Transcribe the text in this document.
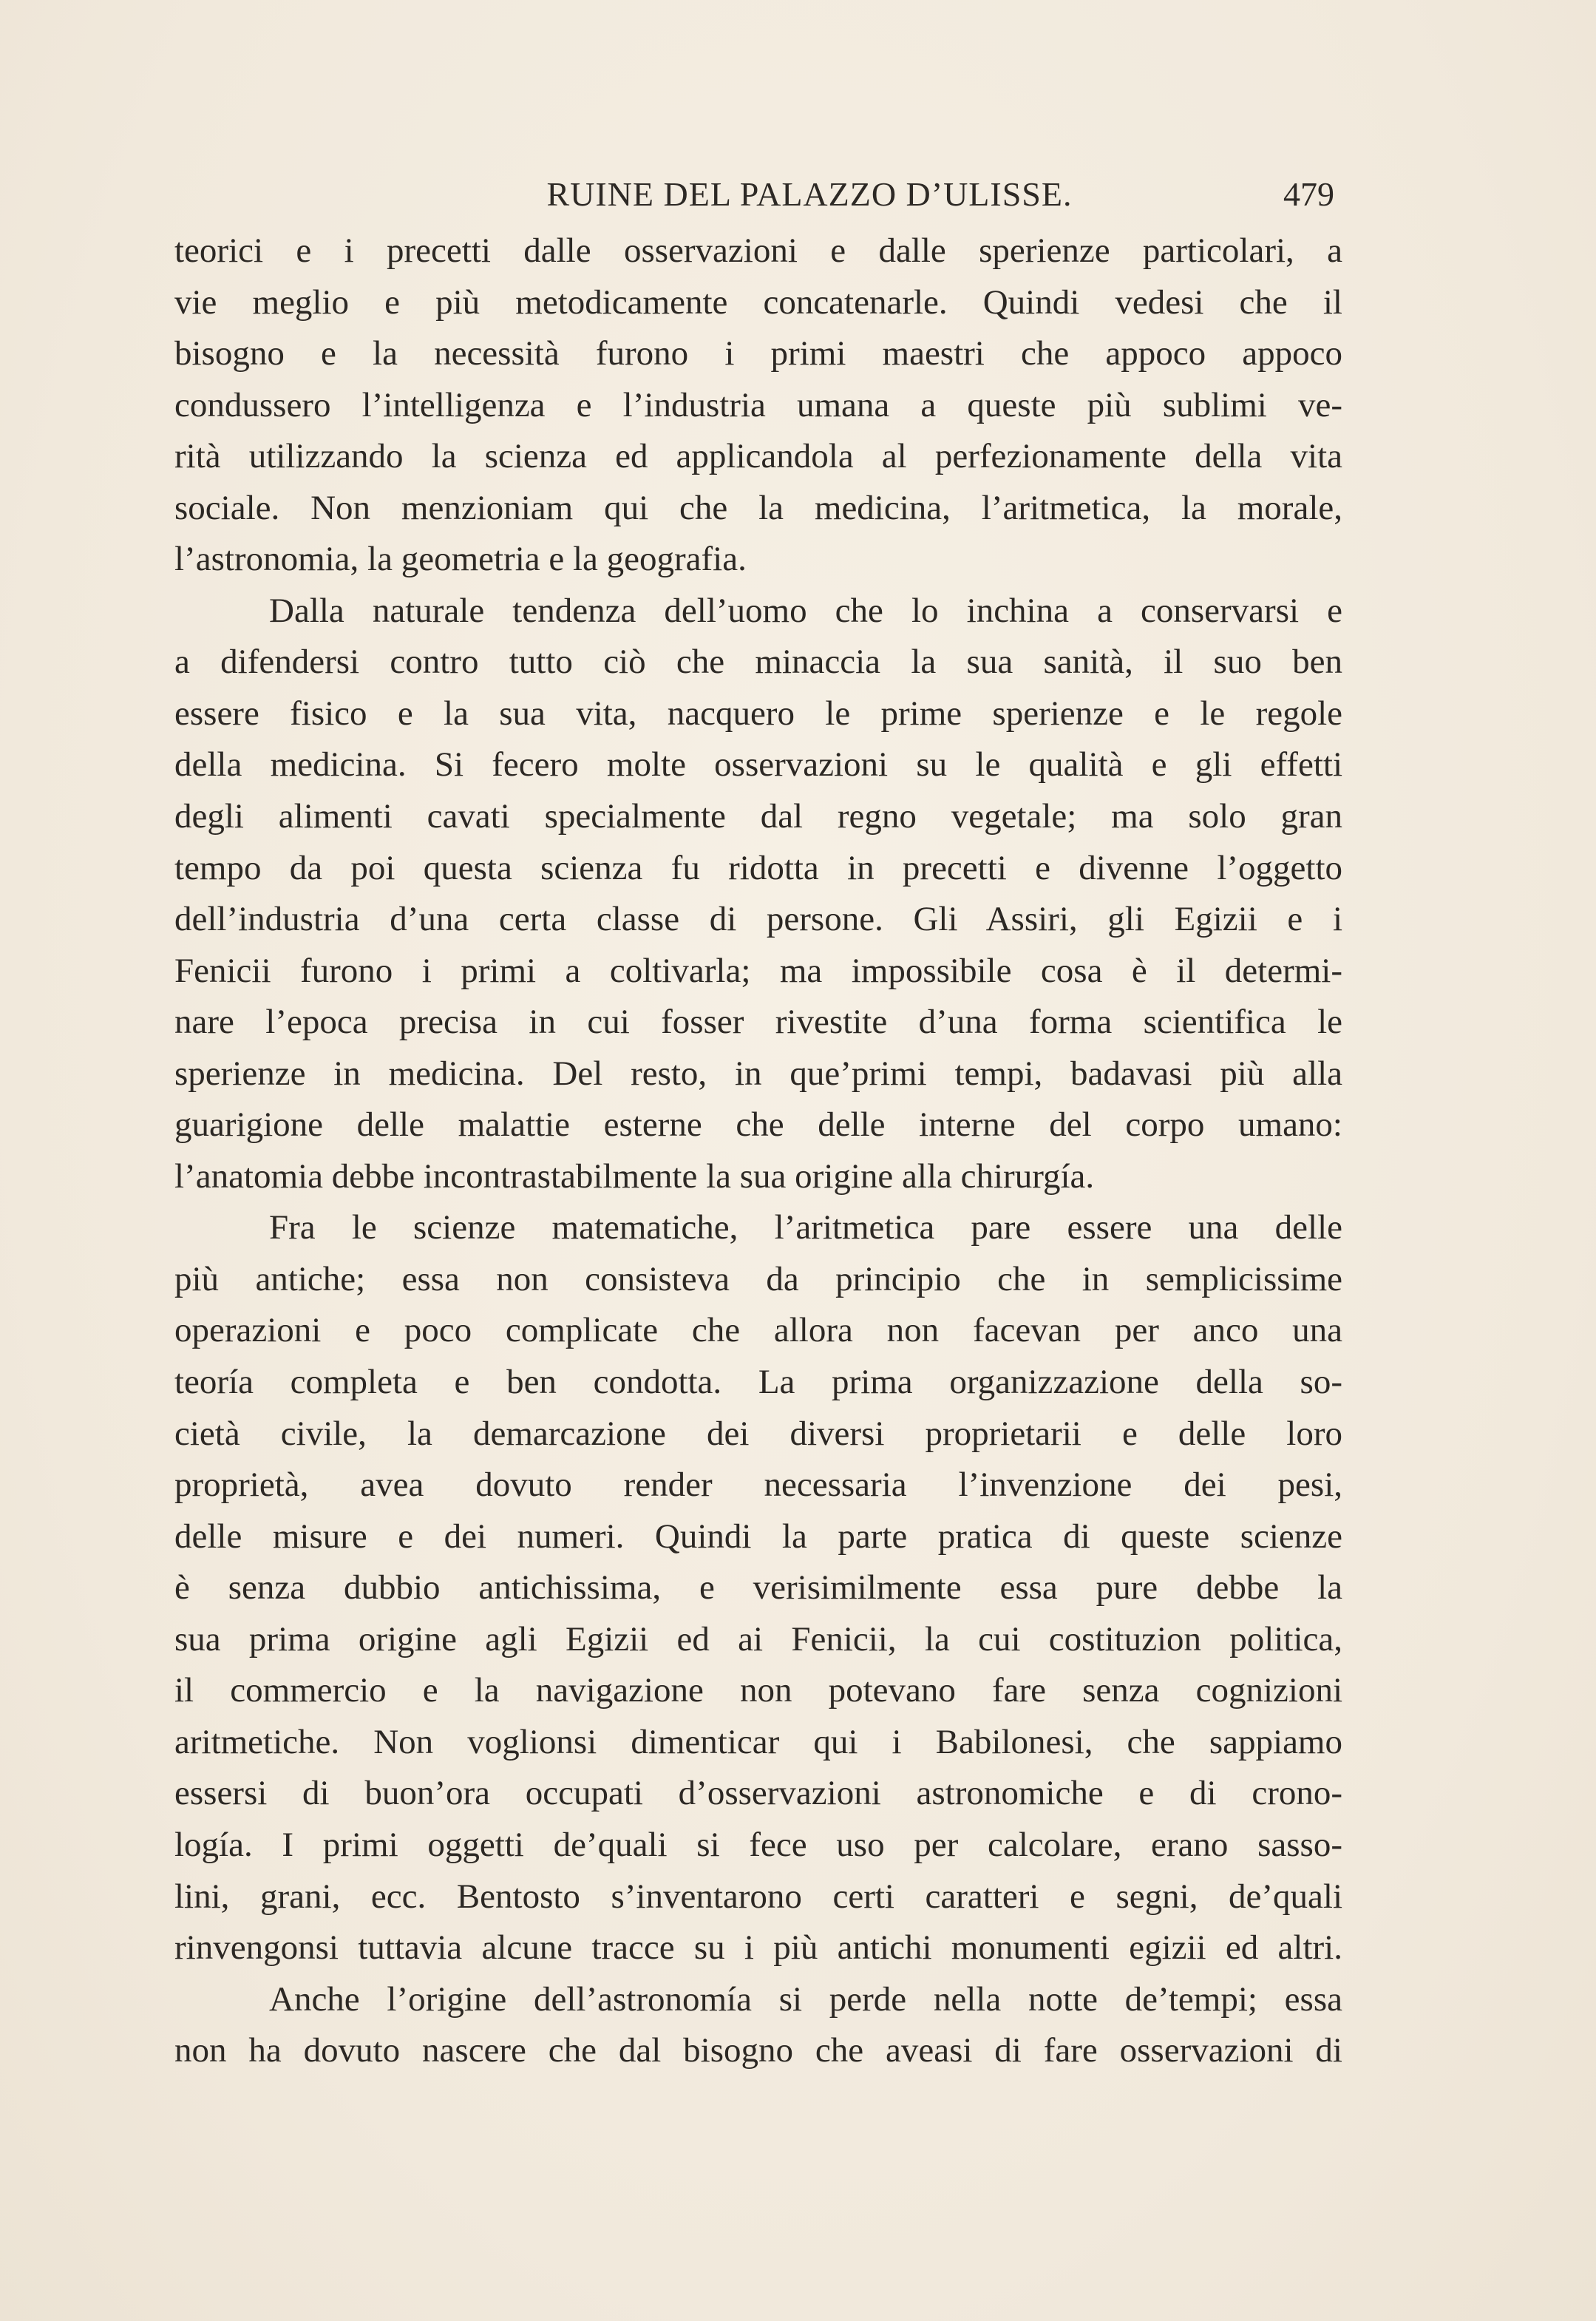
RUINE DEL PALAZZO D’ULISSE.	479
teorici e i precetti dalle osservazioni e dalle sperienze particolari, a
vie meglio e più metodicamente concatenarle. Quindi vedesi che il
bisogno e la necessità furono i primi maestri che appoco appoco
condussero l’intelligenza e l’industria umana a queste più sublimi ve-
rità utilizzando la scienza ed applicandola al perfezionamente della vita
sociale. Non menzioniam qui che la medicina, l’aritmetica, la morale,
l’astronomia, la geometria e la geografia.
Dalla naturale tendenza dell’uomo che lo inchina a conservarsi e
a difendersi contro tutto ciò che minaccia la sua sanità, il suo ben
essere fisico e la sua vita, nacquero le prime sperienze e le regole
della medicina. Si fecero molte osservazioni su le qualità e gli effetti
degli alimenti cavati specialmente dal regno vegetale; ma solo gran
tempo da poi questa scienza fu ridotta in precetti e divenne l’oggetto
dell’industria d’una certa classe di persone. Gli Assiri, gli Egizii e i
Fenicii furono i primi a coltivarla; ma impossibile cosa è il determi-
nare l’epoca precisa in cui fosser rivestite d’una forma scientifica le
sperienze in medicina. Del resto, in que’primi tempi, badavasi più alla
guarigione delle malattie esterne che delle interne del corpo umano:
l’anatomia debbe incontrastabilmente la sua origine alla chirurgía.
Fra le scienze matematiche, l’aritmetica pare essere una delle
più antiche; essa non consisteva da principio che in semplicissime
operazioni e poco complicate che allora non facevan per anco una
teoría completa e ben condotta. La prima organizzazione della so-
cietà civile, la demarcazione dei diversi proprietarii e delle loro
proprietà, avea dovuto render necessaria l’invenzione dei pesi,
delle misure e dei numeri. Quindi la parte pratica di queste scienze
è senza dubbio antichissima, e verisimilmente essa pure debbe la
sua prima origine agli Egizii ed ai Fenicii, la cui costituzion politica,
il commercio e la navigazione non potevano fare senza cognizioni
aritmetiche. Non voglionsi dimenticar qui i Babilonesi, che sappiamo
essersi di buon’ora occupati d’osservazioni astronomiche e di crono-
logía. I primi oggetti de’quali si fece uso per calcolare, erano sasso-
lini, grani, ecc. Bentosto s’inventarono certi caratteri e segni, de’quali
rinvengonsi tuttavia alcune tracce su i più antichi monumenti egizii ed altri.
Anche l’origine dell’astronomía si perde nella notte de’tempi; essa
non ha dovuto nascere che dal bisogno che aveasi di fare osservazioni di
